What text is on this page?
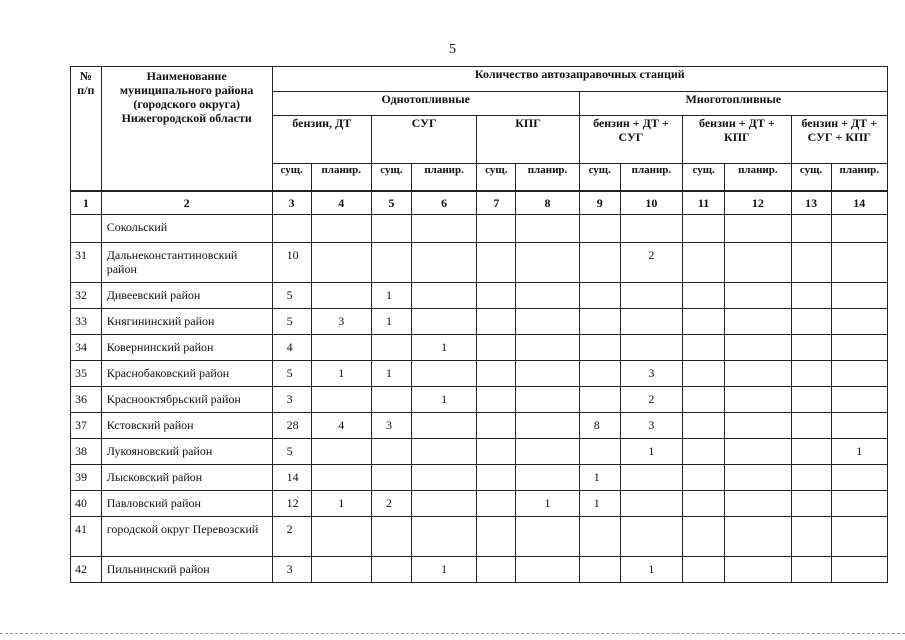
5
№ п/п	Наименование муниципального района (городского округа) Нижегородской области	Количество автозаправочных станций											
		Однотопливные						Многотопливные					
		бензин, ДТ		СУГ		КПГ		бензин + ДТ + СУГ		бензин + ДТ + КПГ		бензин + ДТ + СУГ + КПГ	
		сущ.	планир.	сущ.	планир.	сущ.	планир.	сущ.	планир.	сущ.	планир.	сущ.	планир.
1	2	3	4	5	6	7	8	9	10	11	12	13	14
	Сокольский												
31	Дальнеконстантиновский район	10							2				
32	Дивеевский район	5		1									
33	Княгининский район	5	3	1									
34	Ковернинский район	4			1								
35	Краснобаковский район	5	1	1					3				
36	Краснооктябрьский район	3			1				2				
37	Кстовский район	28	4	3				8	3				
38	Лукояновский район	5							1				1
39	Лысковский район	14						1					
40	Павловский район	12	1	2			1	1					
41	городской округ Перевозский	2											
42	Пильнинский район	3			1				1				
